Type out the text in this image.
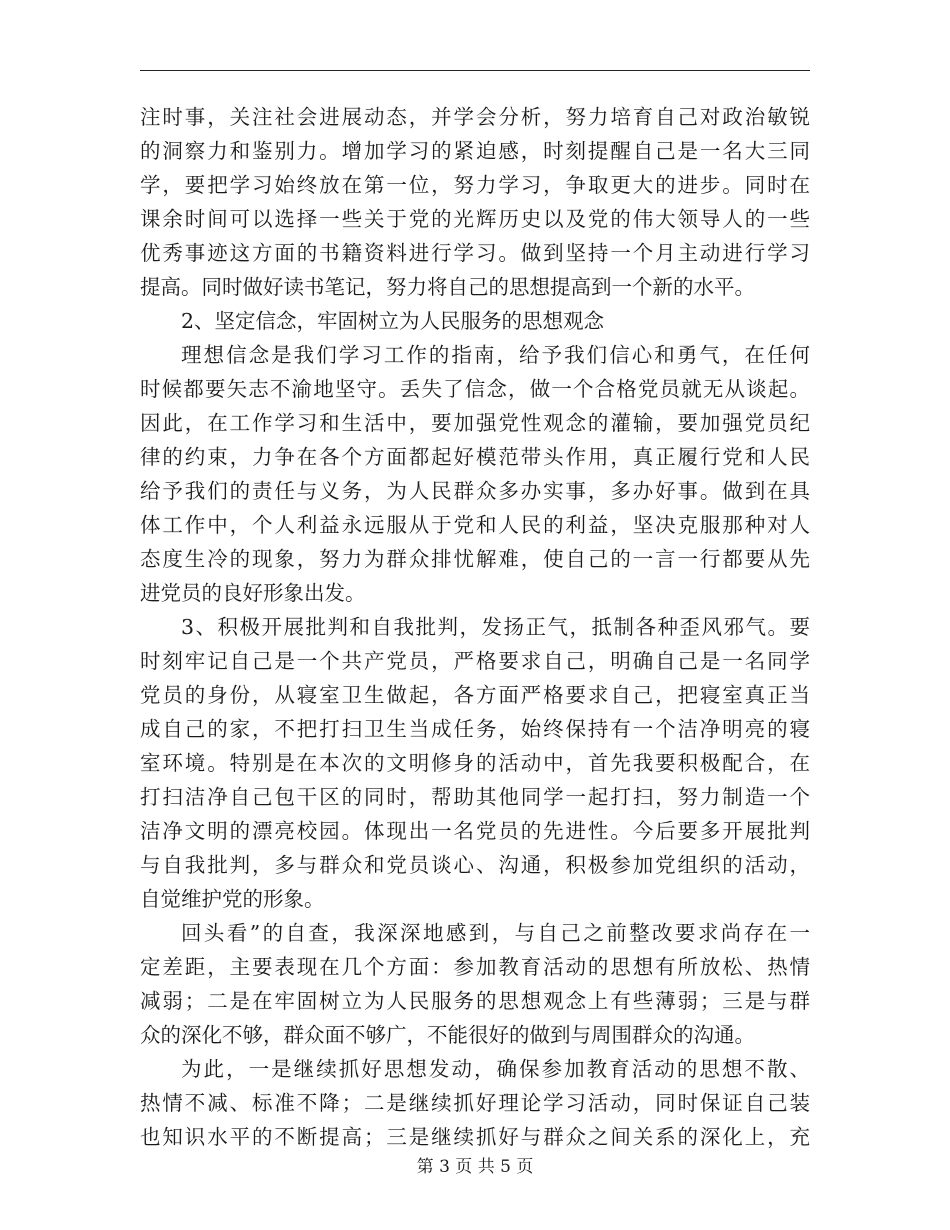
注时事，关注社会进展动态，并学会分析，努力培育自己对政治敏锐
的洞察力和鉴别力。增加学习的紧迫感，时刻提醒自己是一名大三同
学，要把学习始终放在第一位，努力学习，争取更大的进步。同时在
课余时间可以选择一些关于党的光辉历史以及党的伟大领导人的一些
优秀事迹这方面的书籍资料进行学习。做到坚持一个月主动进行学习
提高。同时做好读书笔记，努力将自己的思想提高到一个新的水平。
2、坚定信念，牢固树立为人民服务的思想观念
理想信念是我们学习工作的指南，给予我们信心和勇气，在任何
时候都要矢志不渝地坚守。丢失了信念，做一个合格党员就无从谈起。
因此，在工作学习和生活中，要加强党性观念的灌输，要加强党员纪
律的约束，力争在各个方面都起好模范带头作用，真正履行党和人民
给予我们的责任与义务，为人民群众多办实事，多办好事。做到在具
体工作中，个人利益永远服从于党和人民的利益，坚决克服那种对人
态度生冷的现象，努力为群众排忧解难，使自己的一言一行都要从先
进党员的良好形象出发。
3、积极开展批判和自我批判，发扬正气，抵制各种歪风邪气。要
时刻牢记自己是一个共产党员，严格要求自己，明确自己是一名同学
党员的身份，从寝室卫生做起，各方面严格要求自己，把寝室真正当
成自己的家，不把打扫卫生当成任务，始终保持有一个洁净明亮的寝
室环境。特别是在本次的文明修身的活动中，首先我要积极配合，在
打扫洁净自己包干区的同时，帮助其他同学一起打扫，努力制造一个
洁净文明的漂亮校园。体现出一名党员的先进性。今后要多开展批判
与自我批判，多与群众和党员谈心、沟通，积极参加党组织的活动，
自觉维护党的形象。
回头看”的自查，我深深地感到，与自己之前整改要求尚存在一
定差距，主要表现在几个方面：参加教育活动的思想有所放松、热情
减弱；二是在牢固树立为人民服务的思想观念上有些薄弱；三是与群
众的深化不够，群众面不够广，不能很好的做到与周围群众的沟通。
为此，一是继续抓好思想发动，确保参加教育活动的思想不散、
热情不减、标准不降；二是继续抓好理论学习活动，同时保证自己装
也知识水平的不断提高；三是继续抓好与群众之间关系的深化上，充
第 3 页 共 5 页
